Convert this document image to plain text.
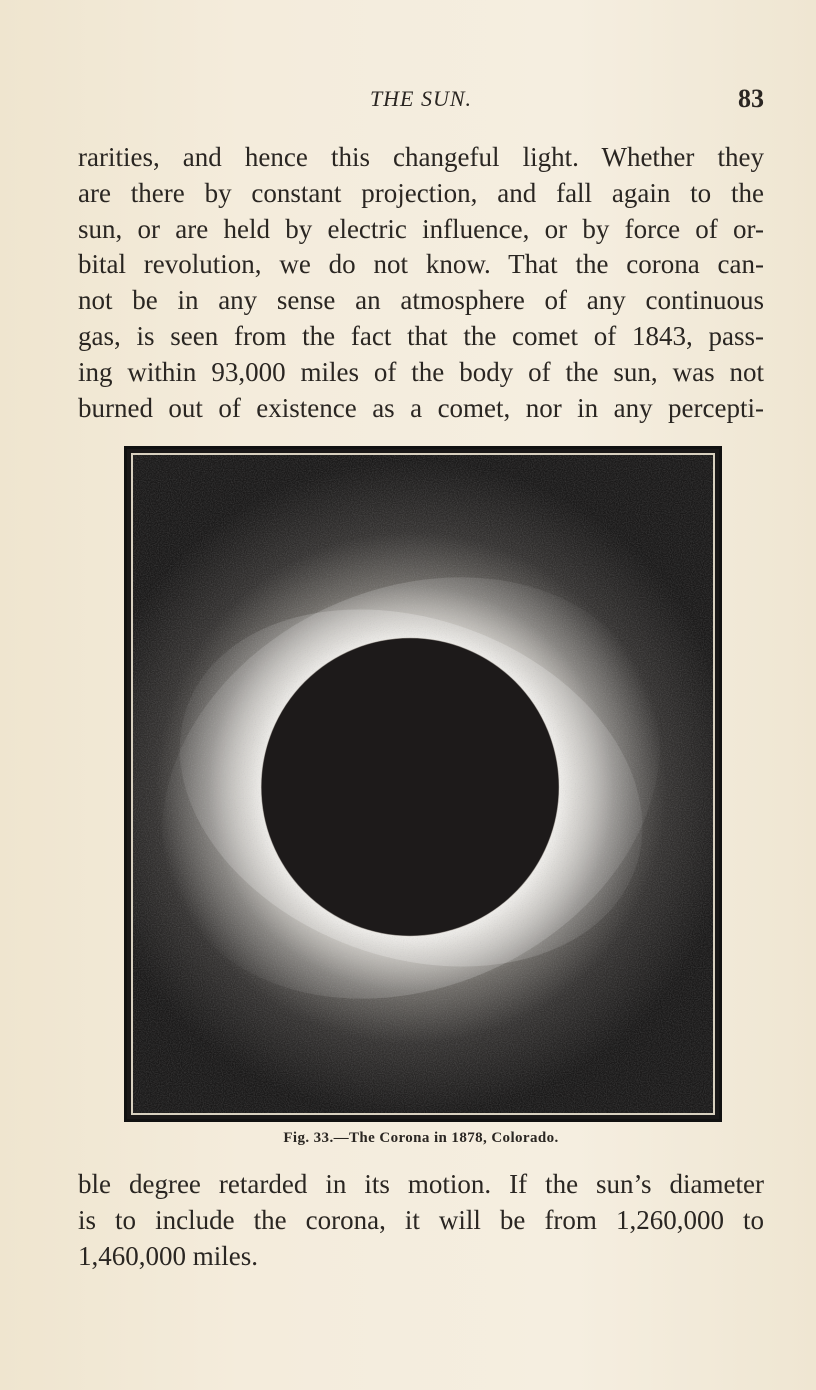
THE SUN.	83
rarities, and hence this changeful light. Whether they
are there by constant projection, and fall again to the
sun, or are held by electric influence, or by force of or-
bital revolution, we do not know. That the corona can-
not be in any sense an atmosphere of any continuous
gas, is seen from the fact that the comet of 1843, pass-
ing within 93,000 miles of the body of the sun, was not
burned out of existence as a comet, nor in any percepti-
Fig. 33.—The Corona in 1878, Colorado.
ble degree retarded in its motion. If the sun’s diameter
is to include the corona, it will be from 1,260,000 to
1,460,000 miles.
